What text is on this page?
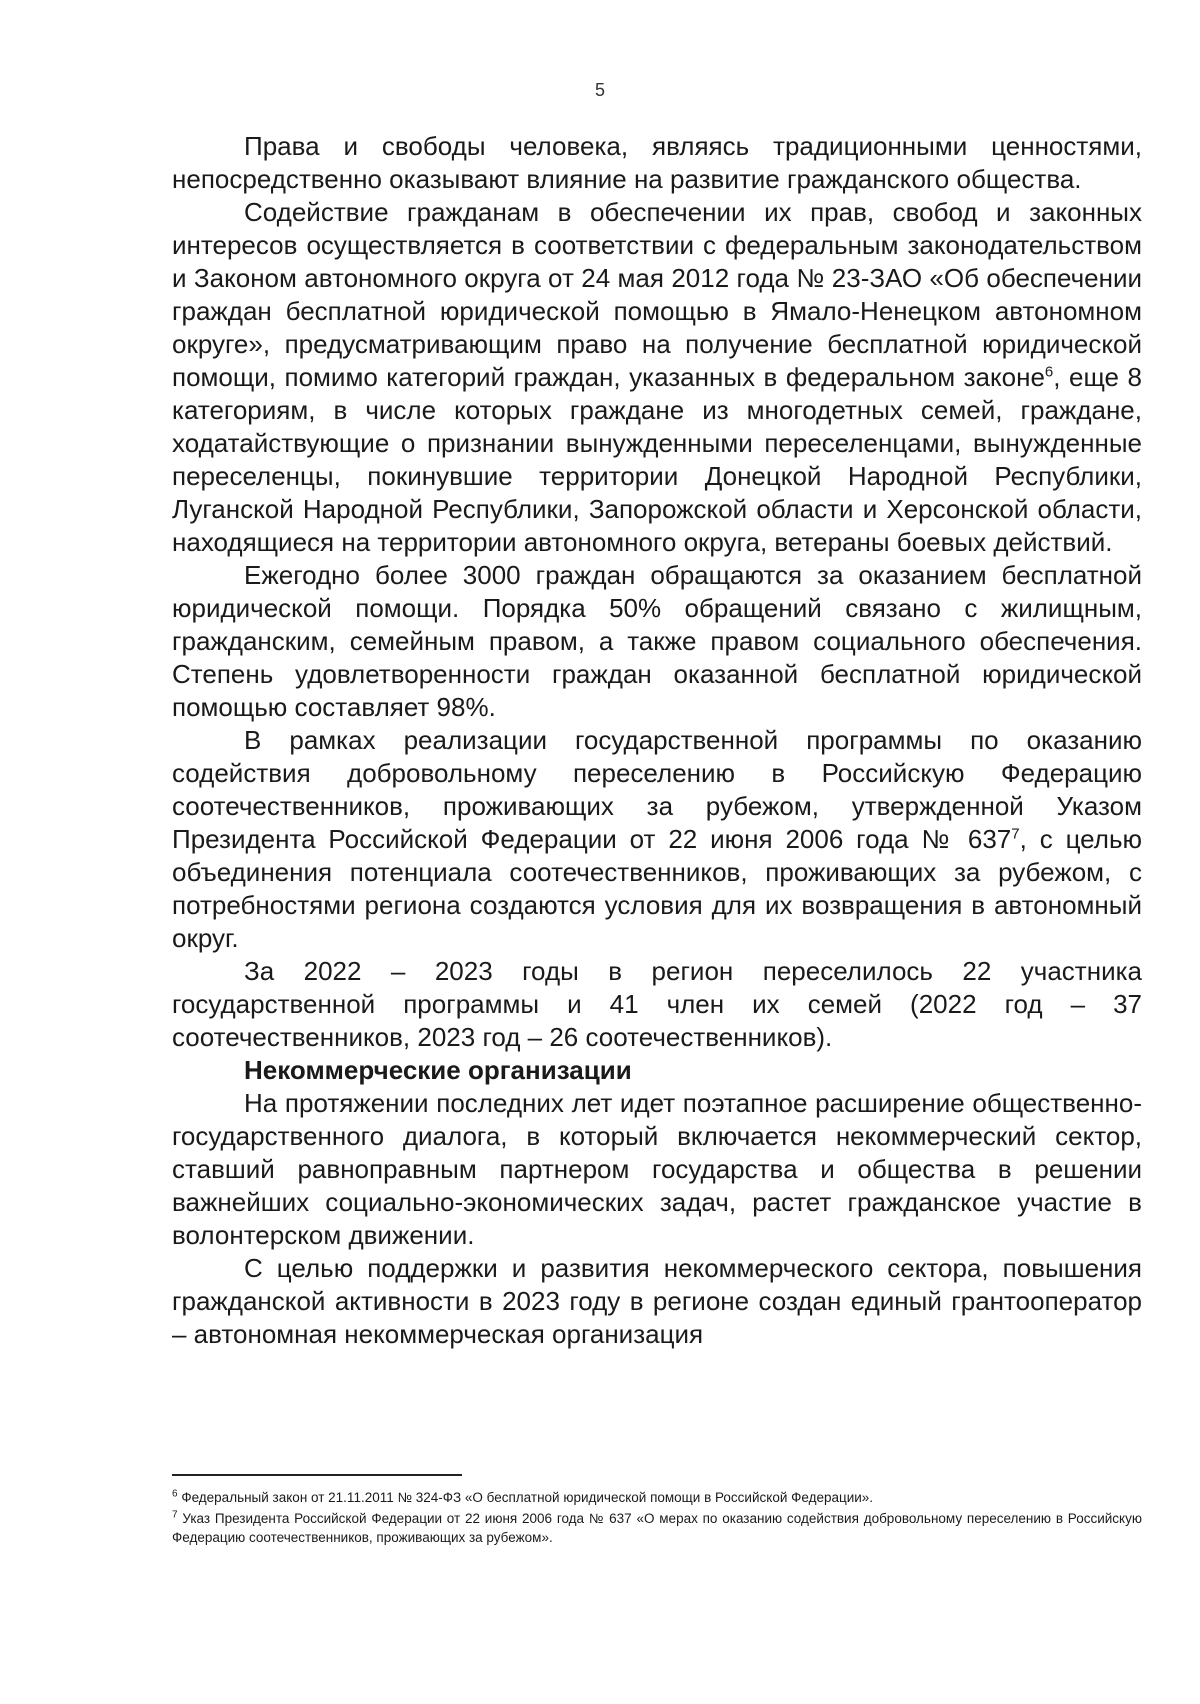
5

Права и свободы человека, являясь традиционными ценностями, непосредственно оказывают влияние на развитие гражданского общества.

Содействие гражданам в обеспечении их прав, свобод и законных интересов осуществляется в соответствии с федеральным законодательством и Законом автономного округа от 24 мая 2012 года № 23-ЗАО «Об обеспечении граждан бесплатной юридической помощью в Ямало-Ненецком автономном округе», предусматривающим право на получение бесплатной юридической помощи, помимо категорий граждан, указанных в федеральном законе$^6$, еще 8 категориям, в числе которых граждане из многодетных семей, граждане, ходатайствующие о признании вынужденными переселенцами, вынужденные переселенцы, покинувшие территории Донецкой Народной Республики, Луганской Народной Республики, Запорожской области и Херсонской области, находящиеся на территории автономного округа, ветераны боевых действий.

Ежегодно более 3000 граждан обращаются за оказанием бесплатной юридической помощи. Порядка 50% обращений связано с жилищным, гражданским, семейным правом, а также правом социального обеспечения. Степень удовлетворенности граждан оказанной бесплатной юридической помощью составляет 98%.

В рамках реализации государственной программы по оказанию содействия добровольному переселению в Российскую Федерацию соотечественников, проживающих за рубежом, утвержденной Указом Президента Российской Федерации от 22 июня 2006 года № $637^7$, с целью объединения потенциала соотечественников, проживающих за рубежом, с потребностями региона создаются условия для их возвращения в автономный округ.

За 2022 – 2023 годы в регион переселилось 22 участника государственной программы и 41 член их семей (2022 год – 37 соотечественников, 2023 год – 26 соотечественников).

Некоммерческие организации

На протяжении последних лет идет поэтапное расширение общественно-государственного диалога, в который включается некоммерческий сектор, ставший равноправным партнером государства и общества в решении важнейших социально-экономических задач, растет гражданское участие в волонтерском движении.

С целью поддержки и развития некоммерческого сектора, повышения гражданской активности в 2023 году в регионе создан единый грантооператор – автономная некоммерческая организация

$^6$ Федеральный закон от 21.11.2011 № 324-ФЗ «О бесплатной юридической помощи в Российской Федерации».

$^7$ Указ Президента Российской Федерации от 22 июня 2006 года № 637 «О мерах по оказанию содействия добровольному переселению в Российскую Федерацию соотечественников, проживающих за рубежом».
